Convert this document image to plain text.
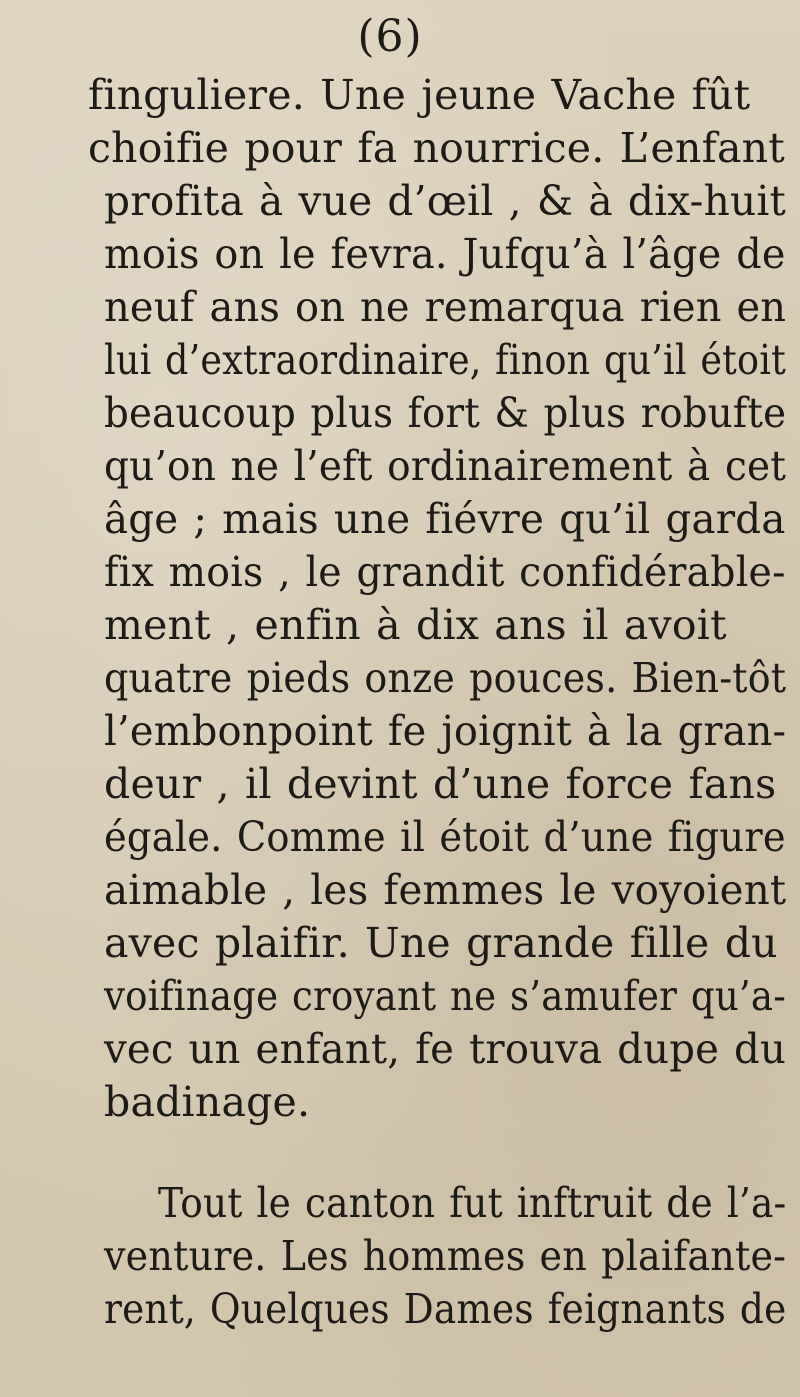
(6)
finguliere. Une jeune Vache fût
choifie pour fa nourrice. L’enfant
profita à vue d’œil , & à dix-huit
mois on le fevra. Jufqu’à l’âge de
neuf ans on ne remarqua rien en
lui d’extraordinaire, finon qu’il étoit
beaucoup plus fort & plus robufte
qu’on ne l’eft ordinairement à cet
âge ; mais une fiévre qu’il garda
fix mois , le grandit confidérable-
ment , enfin à dix ans il avoit
quatre pieds onze pouces. Bien-tôt
l’embonpoint fe joignit à la gran-
deur , il devint d’une force fans
égale. Comme il étoit d’une figure
aimable , les femmes le voyoient
avec plaifir. Une grande fille du
voifinage croyant ne s’amufer qu’a-
vec un enfant, fe trouva dupe du
badinage.
Tout le canton fut inftruit de l’a-
venture. Les hommes en plaifante-
rent, Quelques Dames feignants de
